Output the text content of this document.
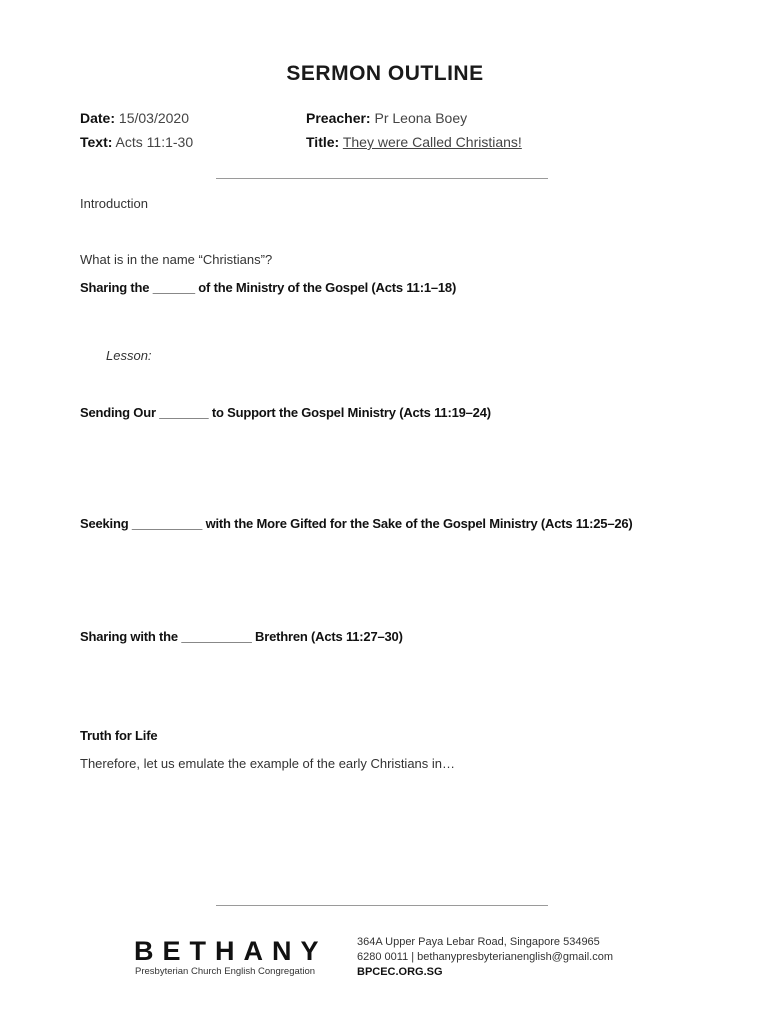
SERMON OUTLINE
Date: 15/03/2020
Text: Acts 11:1-30
Preacher: Pr Leona Boey
Title: They were Called Christians!
Introduction
What is in the name “Christians”?
Sharing the ______ of the Ministry of the Gospel (Acts 11:1–18)
Lesson:
Sending Our _______ to Support the Gospel Ministry (Acts 11:19–24)
Seeking __________ with the More Gifted for the Sake of the Gospel Ministry (Acts 11:25–26)
Sharing with the __________ Brethren (Acts 11:27–30)
Truth for Life
Therefore, let us emulate the example of the early Christians in…
BETHANY
Presbyterian Church English Congregation
364A Upper Paya Lebar Road, Singapore 534965
6280 0011 | bethanypresbyterianenglish@gmail.com
BPCEC.ORG.SG
